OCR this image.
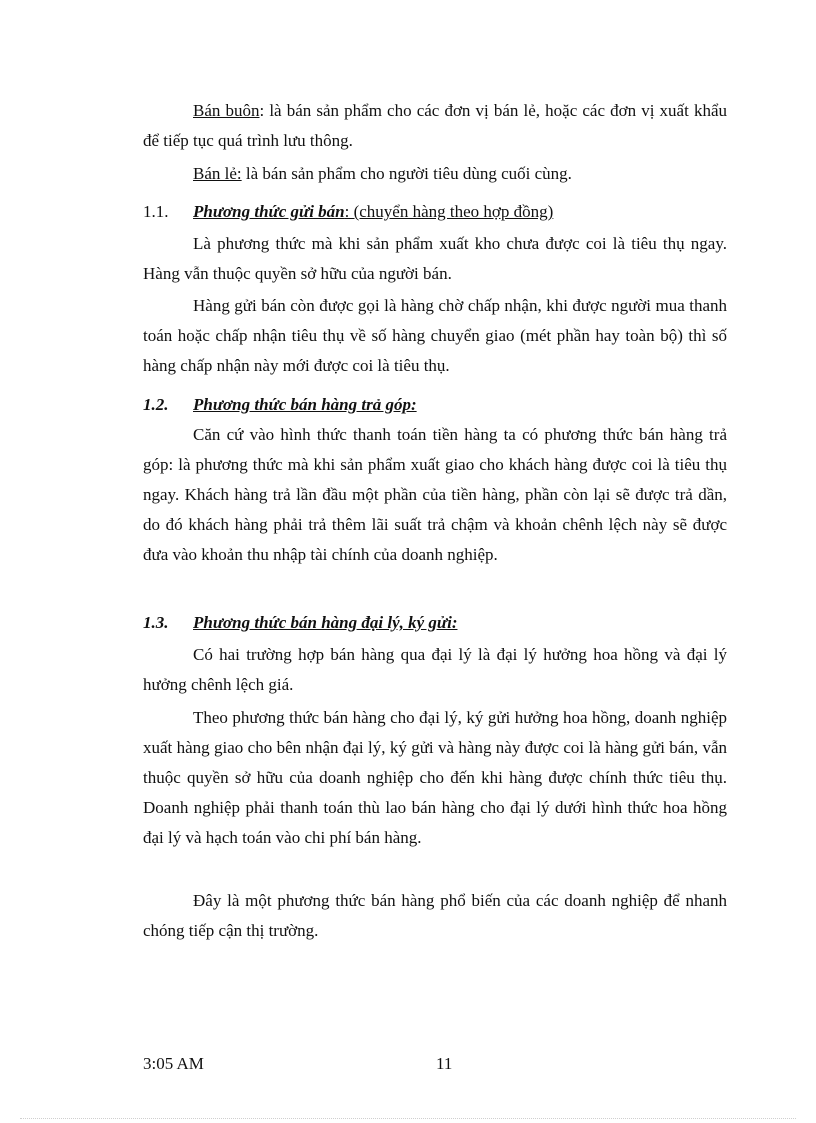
Bán buôn: là bán sản phẩm cho các đơn vị bán lẻ, hoặc các đơn vị xuất khẩu để tiếp tục quá trình lưu thông.

Bán lẻ: là bán sản phẩm cho người tiêu dùng cuối cùng.

1.1. Phương thức gửi bán: (chuyển hàng theo hợp đồng)

Là phương thức mà khi sản phẩm xuất kho chưa được coi là tiêu thụ ngay. Hàng vẫn thuộc quyền sở hữu của người bán.

Hàng gửi bán còn được gọi là hàng chờ chấp nhận, khi được người mua thanh toán hoặc chấp nhận tiêu thụ về số hàng chuyển giao (mét phần hay toàn bộ) thì số hàng chấp nhận này mới được coi là tiêu thụ.

1.2. Phương thức bán hàng trả góp:

Căn cứ vào hình thức thanh toán tiền hàng ta có phương thức bán hàng trả góp: là phương thức mà khi sản phẩm xuất giao cho khách hàng được coi là tiêu thụ ngay. Khách hàng trả lần đầu một phần của tiền hàng, phần còn lại sẽ được trả dần, do đó khách hàng phải trả thêm lãi suất trả chậm và khoản chênh lệch này sẽ được đưa vào khoản thu nhập tài chính của doanh nghiệp.

1.3. Phương thức bán hàng đại lý, ký gửi:

Có hai trường hợp bán hàng qua đại lý là đại lý hưởng hoa hồng và đại lý hưởng chênh lệch giá.

Theo phương thức bán hàng cho đại lý, ký gửi hưởng hoa hồng, doanh nghiệp xuất hàng giao cho bên nhận đại lý, ký gửi và hàng này được coi là hàng gửi bán, vẫn thuộc quyền sở hữu của doanh nghiệp cho đến khi hàng được chính thức tiêu thụ. Doanh nghiệp phải thanh toán thù lao bán hàng cho đại lý dưới hình thức hoa hồng đại lý và hạch toán vào chi phí bán hàng.

Đây là một phương thức bán hàng phổ biến của các doanh nghiệp để nhanh chóng tiếp cận thị trường.

3:05 AM	11
